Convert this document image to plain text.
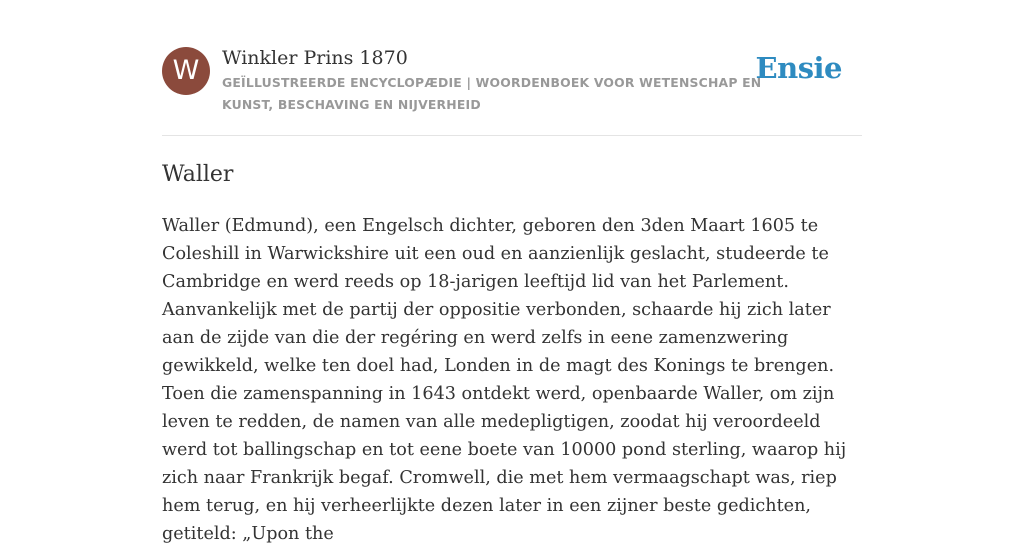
W	Winkler Prins 1870
GEÏLLUSTREERDE ENCYCLOPÆDIE | WOORDENBOEK VOOR WETENSCHAP EN KUNST, BESCHAVING EN NIJVERHEID
Ensie
Waller

Waller (Edmund), een Engelsch dichter, geboren den 3den Maart 1605 te Coleshill in Warwickshire uit een oud en aanzienlijk geslacht, studeerde te Cambridge en werd reeds op 18-jarigen leeftijd lid van het Parlement. Aanvankelijk met de partij der oppositie verbonden, schaarde hij zich later aan de zijde van die der regéring en werd zelfs in eene zamenzwering gewikkeld, welke ten doel had, Londen in de magt des Konings te brengen. Toen die zamenspanning in 1643 ontdekt werd, openbaarde Waller, om zijn leven te redden, de namen van alle medepligtigen, zoodat hij veroordeeld werd tot ballingschap en tot eene boete van 10000 pond sterling, waarop hij zich naar Frankrijk begaf. Cromwell, die met hem vermaagschapt was, riep hem terug, en hij verheerlijkte dezen later in een zijner beste gedichten, getiteld: „Upon the
